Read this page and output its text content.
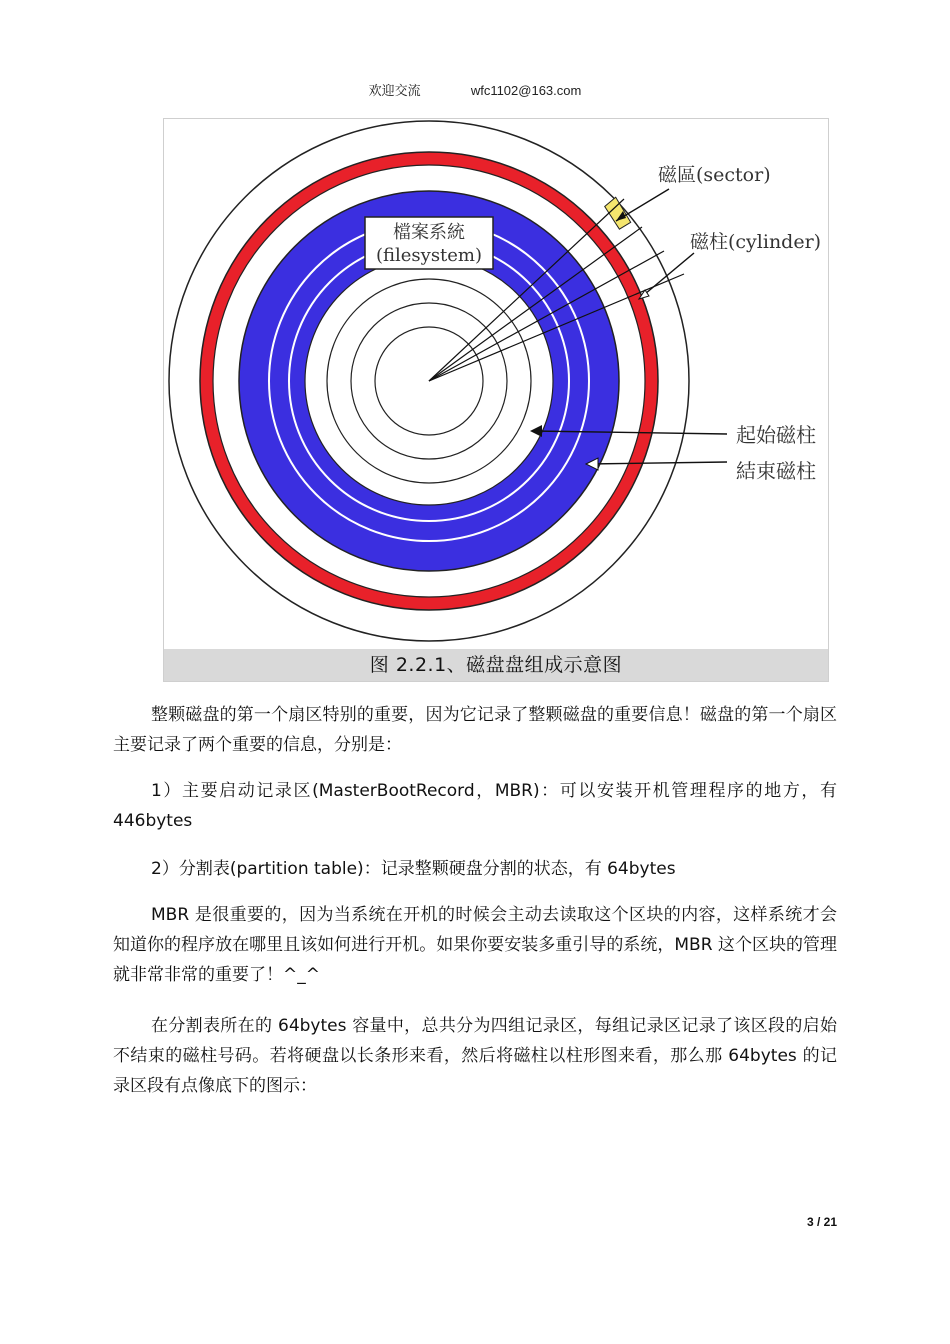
欢迎交流	wfc1102@163.com
磁區(sector)
磁柱(cylinder)
檔案系統
(filesystem)
起始磁柱
結束磁柱
图 2.2.1、磁盘盘组成示意图

整颗磁盘的第一个扇区特别的重要，因为它记录了整颗磁盘的重要信息！磁盘的第一个扇区主要记录了两个重要的信息，分别是：

1）主要启动记录区(MasterBootRecord，MBR)：可以安装开机管理程序的地方，有446bytes

2）分割表(partition table)：记录整颗硬盘分割的状态，有 64bytes

MBR 是很重要的，因为当系统在开机的时候会主动去读取这个区块的内容，这样系统才会知道你的程序放在哪里且该如何进行开机。如果你要安装多重引导的系统，MBR 这个区块的管理就非常非常的重要了！^_^

在分割表所在的 64bytes 容量中，总共分为四组记录区，每组记录区记录了该区段的启始不结束的磁柱号码。若将硬盘以长条形来看，然后将磁柱以柱形图来看，那么那 64bytes 的记录区段有点像底下的图示：

3 / 21
